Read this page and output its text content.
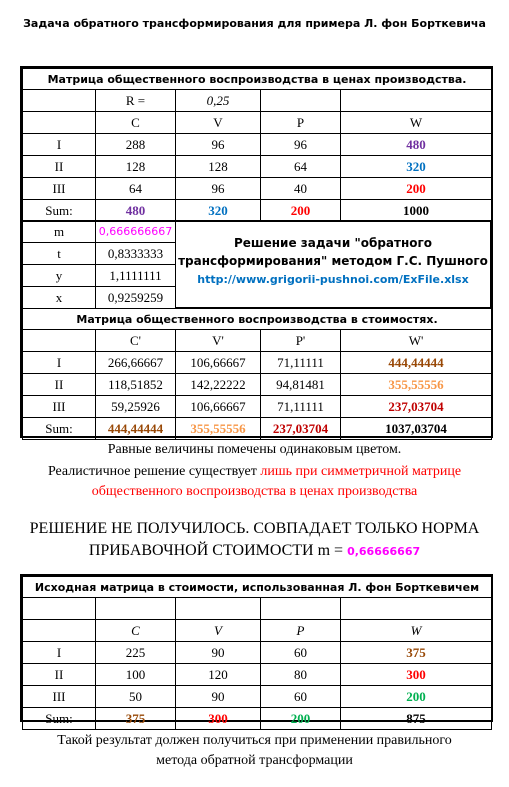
Задача обратного трансформирования для примера Л. фон Борткевича
Матрица общественного воспроизводства в ценах производства.				
	R =	0,25		
	C	V	P	W
I	288	96	96	480
II	128	128	64	320
III	64	96	40	200
Sum:	480	320	200	1000
m	0,666666667
t	0,8333333
y	1,1111111
x	0,9259259
Решение задачи "обратного
трансформирования" методом Г.С. Пушного
http://www.grigorii-pushnoi.com/ExFile.xlsx
Матрица общественного воспроизводства в стоимостях.				
	C'	V'	P'	W'
I	266,66667	106,66667	71,11111	444,44444
II	118,51852	142,22222	94,81481	355,55556
III	59,25926	106,66667	71,11111	237,03704
Sum:	444,44444	355,55556	237,03704	1037,03704
Равные величины помечены одинаковым цветом.
Реалистичное решение существует лишь при симметричной матрице
общественного воспроизводства в ценах производства
РЕШЕНИЕ НЕ ПОЛУЧИЛОСЬ. СОВПАДАЕТ ТОЛЬКО НОРМА
ПРИБАВОЧНОЙ СТОИМОСТИ m = 0,66666667
Исходная матрица в стоимости, использованная Л. фон Борткевичем				

	C	V	P	W
I	225	90	60	375
II	100	120	80	300
III	50	90	60	200
Sum:	375	300	200	875
Такой результат должен получиться при применении правильного
метода обратной трансформации
